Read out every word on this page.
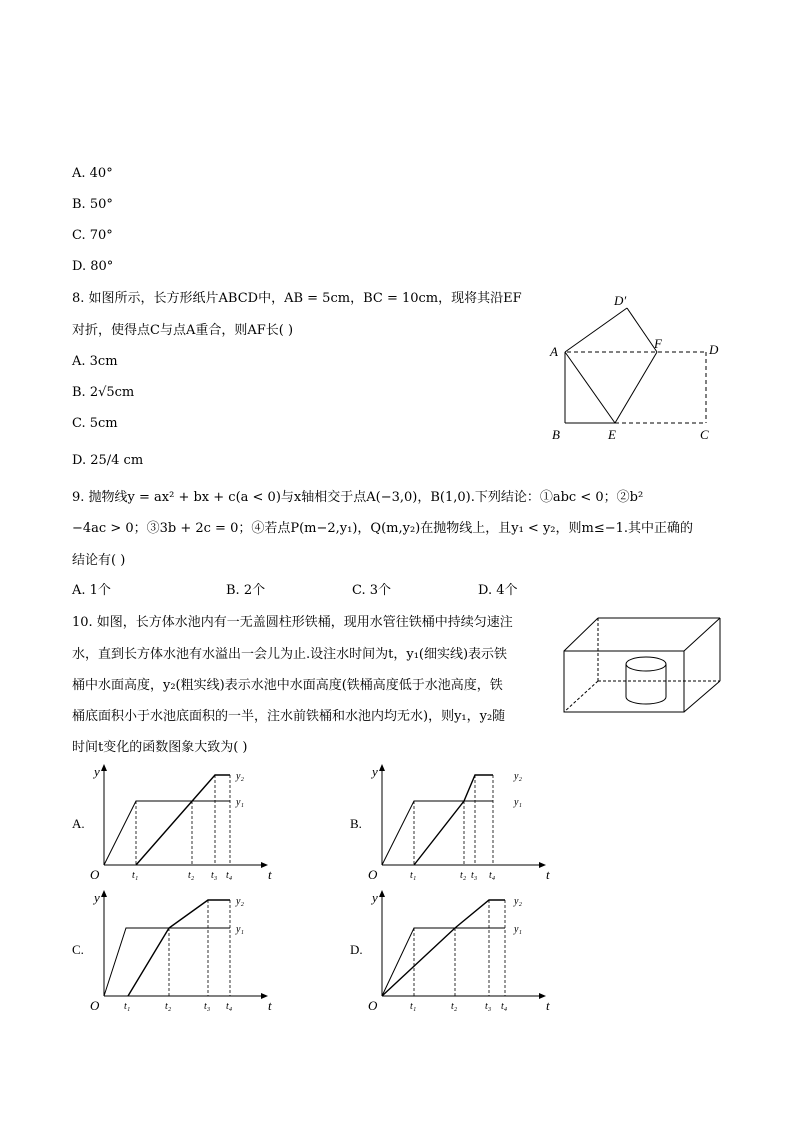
A. 40°
B. 50°
C. 70°
D. 80°
8. 如图所示，长方形纸片ABCD中，AB = 5cm，BC = 10cm，现将其沿EF
对折，使得点C与点A重合，则AF长( )
A. 3cm
B. 2√5cm
C. 5cm
D. 25/4 cm
A
B	C
D
E
F
D′
9. 抛物线y = ax² + bx + c(a < 0)与x轴相交于点A(−3,0)，B(1,0).下列结论：①abc < 0；②b²
−4ac > 0；③3b + 2c = 0；④若点P(m−2,y₁)，Q(m,y₂)在抛物线上，且y₁ < y₂，则m≤−1.其中正确的
结论有( )
A. 1个	B. 2个	C. 3个	D. 4个
10. 如图，长方体水池内有一无盖圆柱形铁桶，现用水管往铁桶中持续匀速注
水，直到长方体水池有水溢出一会儿为止.设注水时间为t，y₁(细实线)表示铁
桶中水面高度，y₂(粗实线)表示水池中水面高度(铁桶高度低于水池高度，铁
桶底面积小于水池底面积的一半，注水前铁桶和水池内均无水)，则y₁，y₂随
时间t变化的函数图象大致为( )
y
t
O	t₁	t₂ t₃ t₄
y₁
y₂
A.
y
t
O	t₁	t₂ t₃ t₄
y₁
y₂
B.
y
t
O t₁	t₂	t₃ t₄
y₁
y₂
C.
y
t
O	t₁	t₂	t₃ t₄
y₁
y₂
D.
